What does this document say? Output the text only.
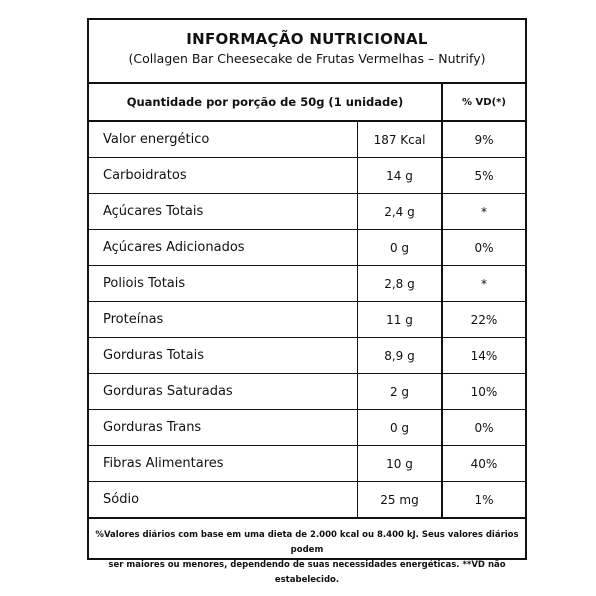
INFORMAÇÃO NUTRICIONAL
(Collagen Bar Cheesecake de Frutas Vermelhas – Nutrify)
Quantidade por porção de 50g (1 unidade)	% VD(*)
Valor energético	187 Kcal	9%
Carboidratos	14 g	5%
Açúcares Totais	2,4 g	*
Açúcares Adicionados	0 g	0%
Poliois Totais	2,8 g	*
Proteínas	11 g	22%
Gorduras Totais	8,9 g	14%
Gorduras Saturadas	2 g	10%
Gorduras Trans	0 g	0%
Fibras Alimentares	10 g	40%
Sódio	25 mg	1%
%Valores diários com base em uma dieta de 2.000 kcal ou 8.400 kJ. Seus valores diários podem
ser maiores ou menores, dependendo de suas necessidades energéticas. **VD não estabelecido.
